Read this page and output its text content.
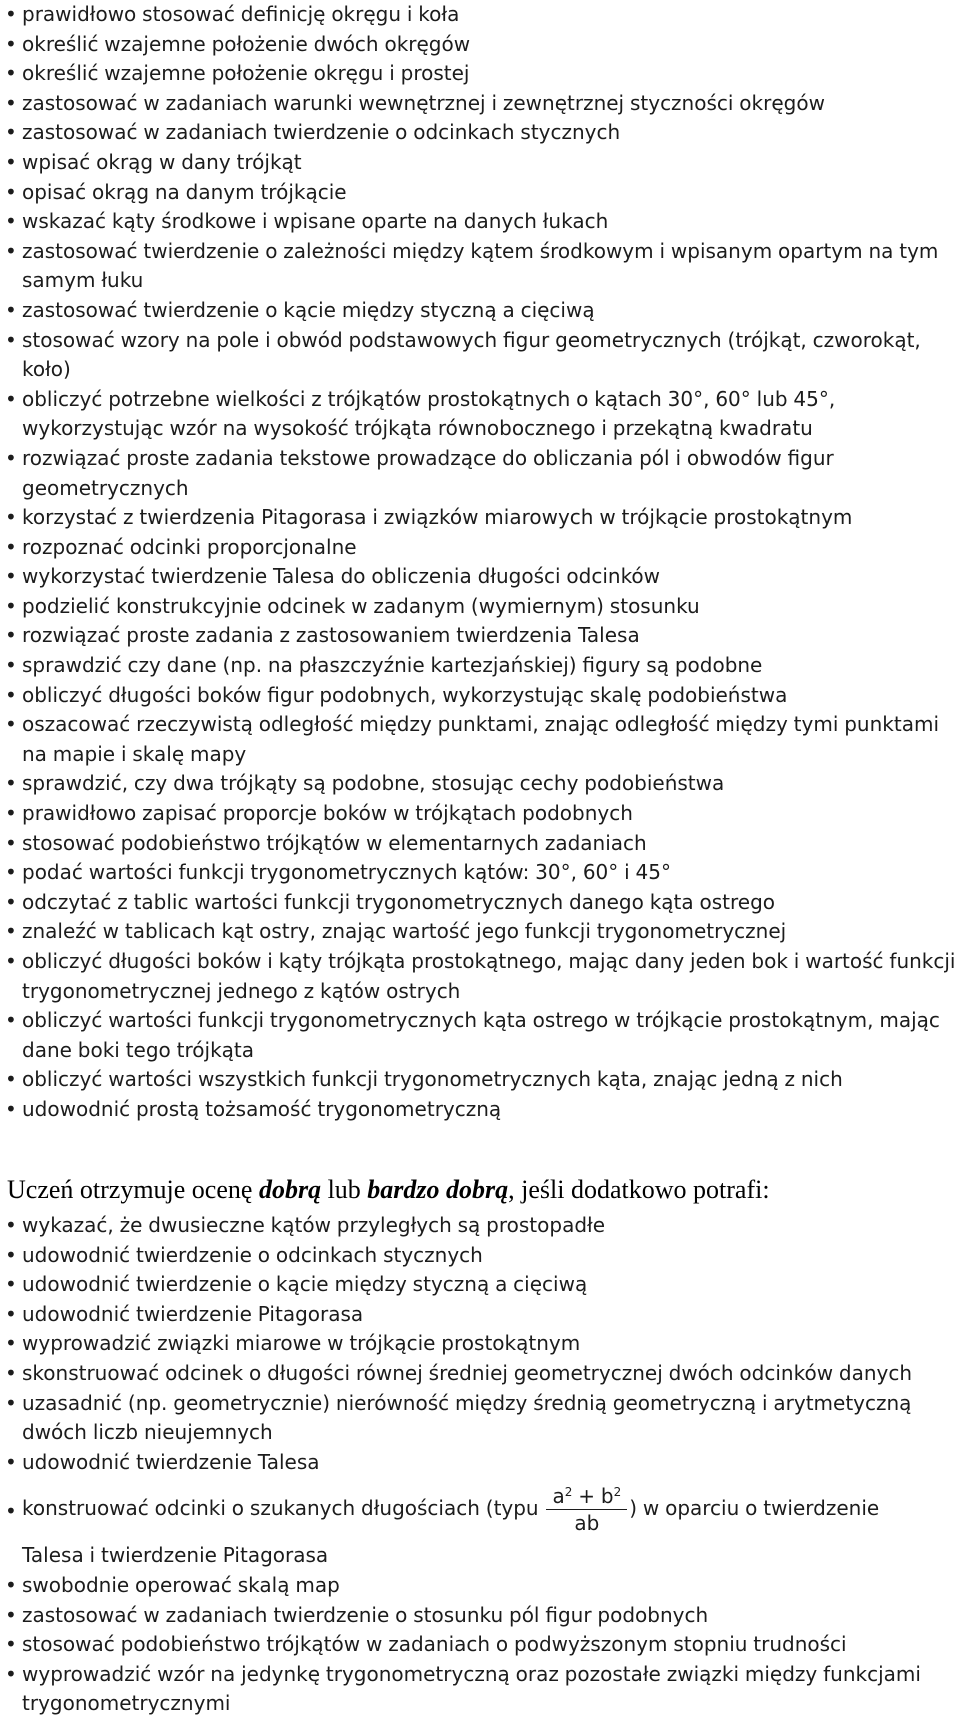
• prawidłowo stosować definicję okręgu i koła
• określić wzajemne położenie dwóch okręgów
• określić wzajemne położenie okręgu i prostej
• zastosować w zadaniach warunki wewnętrznej i zewnętrznej styczności okręgów
• zastosować w zadaniach twierdzenie o odcinkach stycznych
• wpisać okrąg w dany trójkąt
• opisać okrąg na danym trójkącie
• wskazać kąty środkowe i wpisane oparte na danych łukach
• zastosować twierdzenie o zależności między kątem środkowym i wpisanym opartym na tym samym łuku
• zastosować twierdzenie o kącie między styczną a cięciwą
• stosować wzory na pole i obwód podstawowych figur geometrycznych (trójkąt, czworokąt, koło)
• obliczyć potrzebne wielkości z trójkątów prostokątnych o kątach 30°, 60° lub 45°, wykorzystując wzór na wysokość trójkąta równobocznego i przekątną kwadratu
• rozwiązać proste zadania tekstowe prowadzące do obliczania pól i obwodów figur geometrycznych
• korzystać z twierdzenia Pitagorasa i związków miarowych w trójkącie prostokątnym
• rozpoznać odcinki proporcjonalne
• wykorzystać twierdzenie Talesa do obliczenia długości odcinków
• podzielić konstrukcyjnie odcinek w zadanym (wymiernym) stosunku
• rozwiązać proste zadania z zastosowaniem twierdzenia Talesa
• sprawdzić czy dane (np. na płaszczyźnie kartezjańskiej) figury są podobne
• obliczyć długości boków figur podobnych, wykorzystując skalę podobieństwa
• oszacować rzeczywistą odległość między punktami, znając odległość między tymi punktami na mapie i skalę mapy
• sprawdzić, czy dwa trójkąty są podobne, stosując cechy podobieństwa
• prawidłowo zapisać proporcje boków w trójkątach podobnych
• stosować podobieństwo trójkątów w elementarnych zadaniach
• podać wartości funkcji trygonometrycznych kątów: 30°, 60° i 45°
• odczytać z tablic wartości funkcji trygonometrycznych danego kąta ostrego
• znaleźć w tablicach kąt ostry, znając wartość jego funkcji trygonometrycznej
• obliczyć długości boków i kąty trójkąta prostokątnego, mając dany jeden bok i wartość funkcji trygonometrycznej jednego z kątów ostrych
• obliczyć wartości funkcji trygonometrycznych kąta ostrego w trójkącie prostokątnym, mając dane boki tego trójkąta
• obliczyć wartości wszystkich funkcji trygonometrycznych kąta, znając jedną z nich
• udowodnić prostą tożsamość trygonometryczną
Uczeń otrzymuje ocenę dobrą lub bardzo dobrą, jeśli dodatkowo potrafi:
• wykazać, że dwusieczne kątów przyległych są prostopadłe
• udowodnić twierdzenie o odcinkach stycznych
• udowodnić twierdzenie o kącie między styczną a cięciwą
• udowodnić twierdzenie Pitagorasa
• wyprowadzić związki miarowe w trójkącie prostokątnym
• skonstruować odcinek o długości równej średniej geometrycznej dwóch odcinków danych
• uzasadnić (np. geometrycznie) nierówność między średnią geometryczną i arytmetyczną dwóch liczb nieujemnych
• udowodnić twierdzenie Talesa
• konstruować odcinki o szukanych długościach (typu $\frac{a^2 + b^2}{ab}$ ) w oparciu o twierdzenie
Talesa i twierdzenie Pitagorasa
• swobodnie operować skalą map
• zastosować w zadaniach twierdzenie o stosunku pól figur podobnych
• stosować podobieństwo trójkątów w zadaniach o podwyższonym stopniu trudności
• wyprowadzić wzór na jedynkę trygonometryczną oraz pozostałe związki między funkcjami trygonometrycznymi
